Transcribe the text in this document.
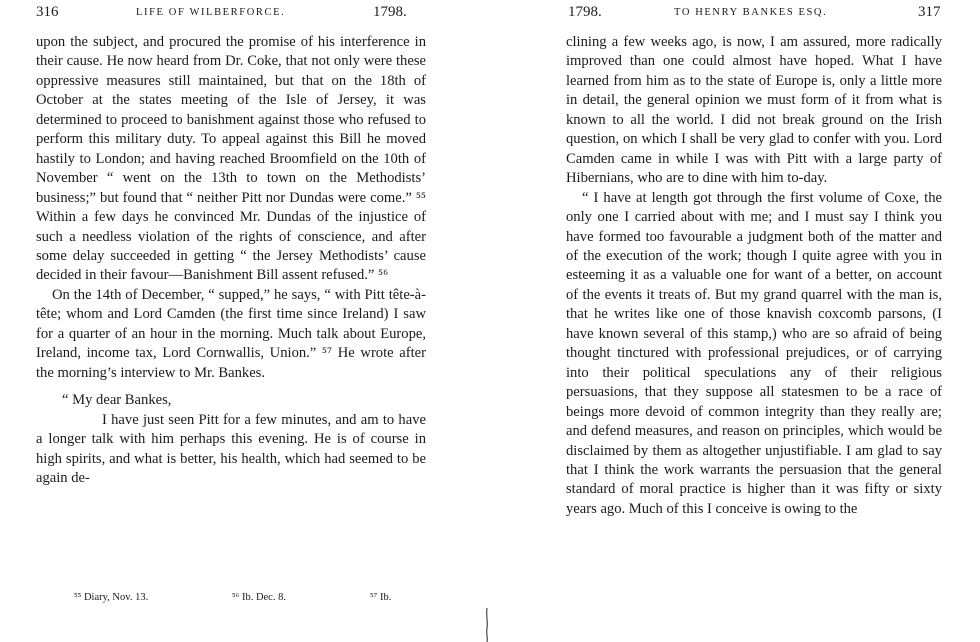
316	LIFE OF WILBERFORCE.	1798.

upon the subject, and procured the promise of his interference in their cause. He now heard from Dr. Coke, that not only were these oppressive measures still maintained, but that on the 18th of October at the states meeting of the Isle of Jersey, it was determined to proceed to banishment against those who refused to perform this military duty. To appeal against this Bill he moved hastily to London; and having reached Broomfield on the 10th of November “ went on the 13th to town on the Methodists’ business;” but found that “ neither Pitt nor Dundas were come.” ⁵⁵ Within a few days he convinced Mr. Dundas of the injustice of such a needless violation of the rights of conscience, and after some delay succeeded in getting “ the Jersey Methodists’ cause decided in their favour—Banishment Bill assent refused.” ⁵⁶

On the 14th of December, “ supped,” he says, “ with Pitt tête-à-tête; whom and Lord Camden (the first time since Ireland) I saw for a quarter of an hour in the morning. Much talk about Europe, Ireland, income tax, Lord Cornwallis, Union.” ⁵⁷ He wrote after the morning’s interview to Mr. Bankes.

“ My dear Bankes,

I have just seen Pitt for a few minutes, and am to have a longer talk with him perhaps this evening. He is of course in high spirits, and what is better, his health, which had seemed to be again de-

⁵⁵ Diary, Nov. 13.	⁵⁶ Ib. Dec. 8.	⁵⁷ Ib.
1798.	TO HENRY BANKES ESQ.	317

clining a few weeks ago, is now, I am assured, more radically improved than one could almost have hoped. What I have learned from him as to the state of Europe is, only a little more in detail, the general opinion we must form of it from what is known to all the world. I did not break ground on the Irish question, on which I shall be very glad to confer with you. Lord Camden came in while I was with Pitt with a large party of Hibernians, who are to dine with him to-day.

“ I have at length got through the first volume of Coxe, the only one I carried about with me; and I must say I think you have formed too favourable a judgment both of the matter and of the execution of the work; though I quite agree with you in esteeming it as a valuable one for want of a better, on account of the events it treats of. But my grand quarrel with the man is, that he writes like one of those knavish coxcomb parsons, (I have known several of this stamp,) who are so afraid of being thought tinctured with professional prejudices, or of carrying into their political speculations any of their religious persuasions, that they suppose all statesmen to be a race of beings more devoid of common integrity than they really are; and defend measures, and reason on principles, which would be disclaimed by them as altogether unjustifiable. I am glad to say that I think the work warrants the persuasion that the general standard of moral practice is higher than it was fifty or sixty years ago. Much of this I conceive is owing to the
